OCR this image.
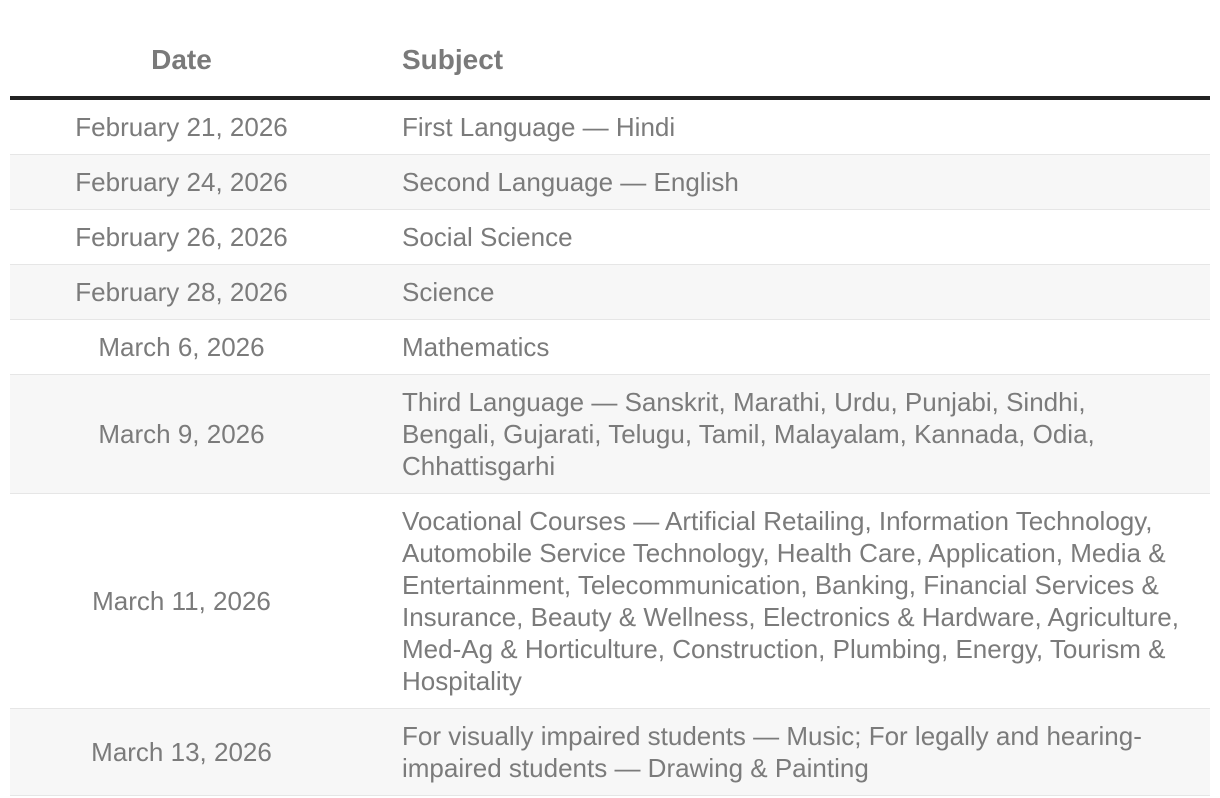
Date	Subject
February 21, 2026	First Language — Hindi
February 24, 2026	Second Language — English
February 26, 2026	Social Science
February 28, 2026	Science
March 6, 2026	Mathematics
March 9, 2026	Third Language — Sanskrit, Marathi, Urdu, Punjabi, Sindhi, Bengali, Gujarati, Telugu, Tamil, Malayalam, Kannada, Odia, Chhattisgarhi
March 11, 2026	Vocational Courses — Artificial Retailing, Information Technology, Automobile Service Technology, Health Care, Application, Media & Entertainment, Telecommunication, Banking, Financial Services & Insurance, Beauty & Wellness, Electronics & Hardware, Agriculture, Med-Ag & Horticulture, Construction, Plumbing, Energy, Tourism & Hospitality
March 13, 2026	For visually impaired students — Music; For legally and hearing-impaired students — Drawing & Painting
